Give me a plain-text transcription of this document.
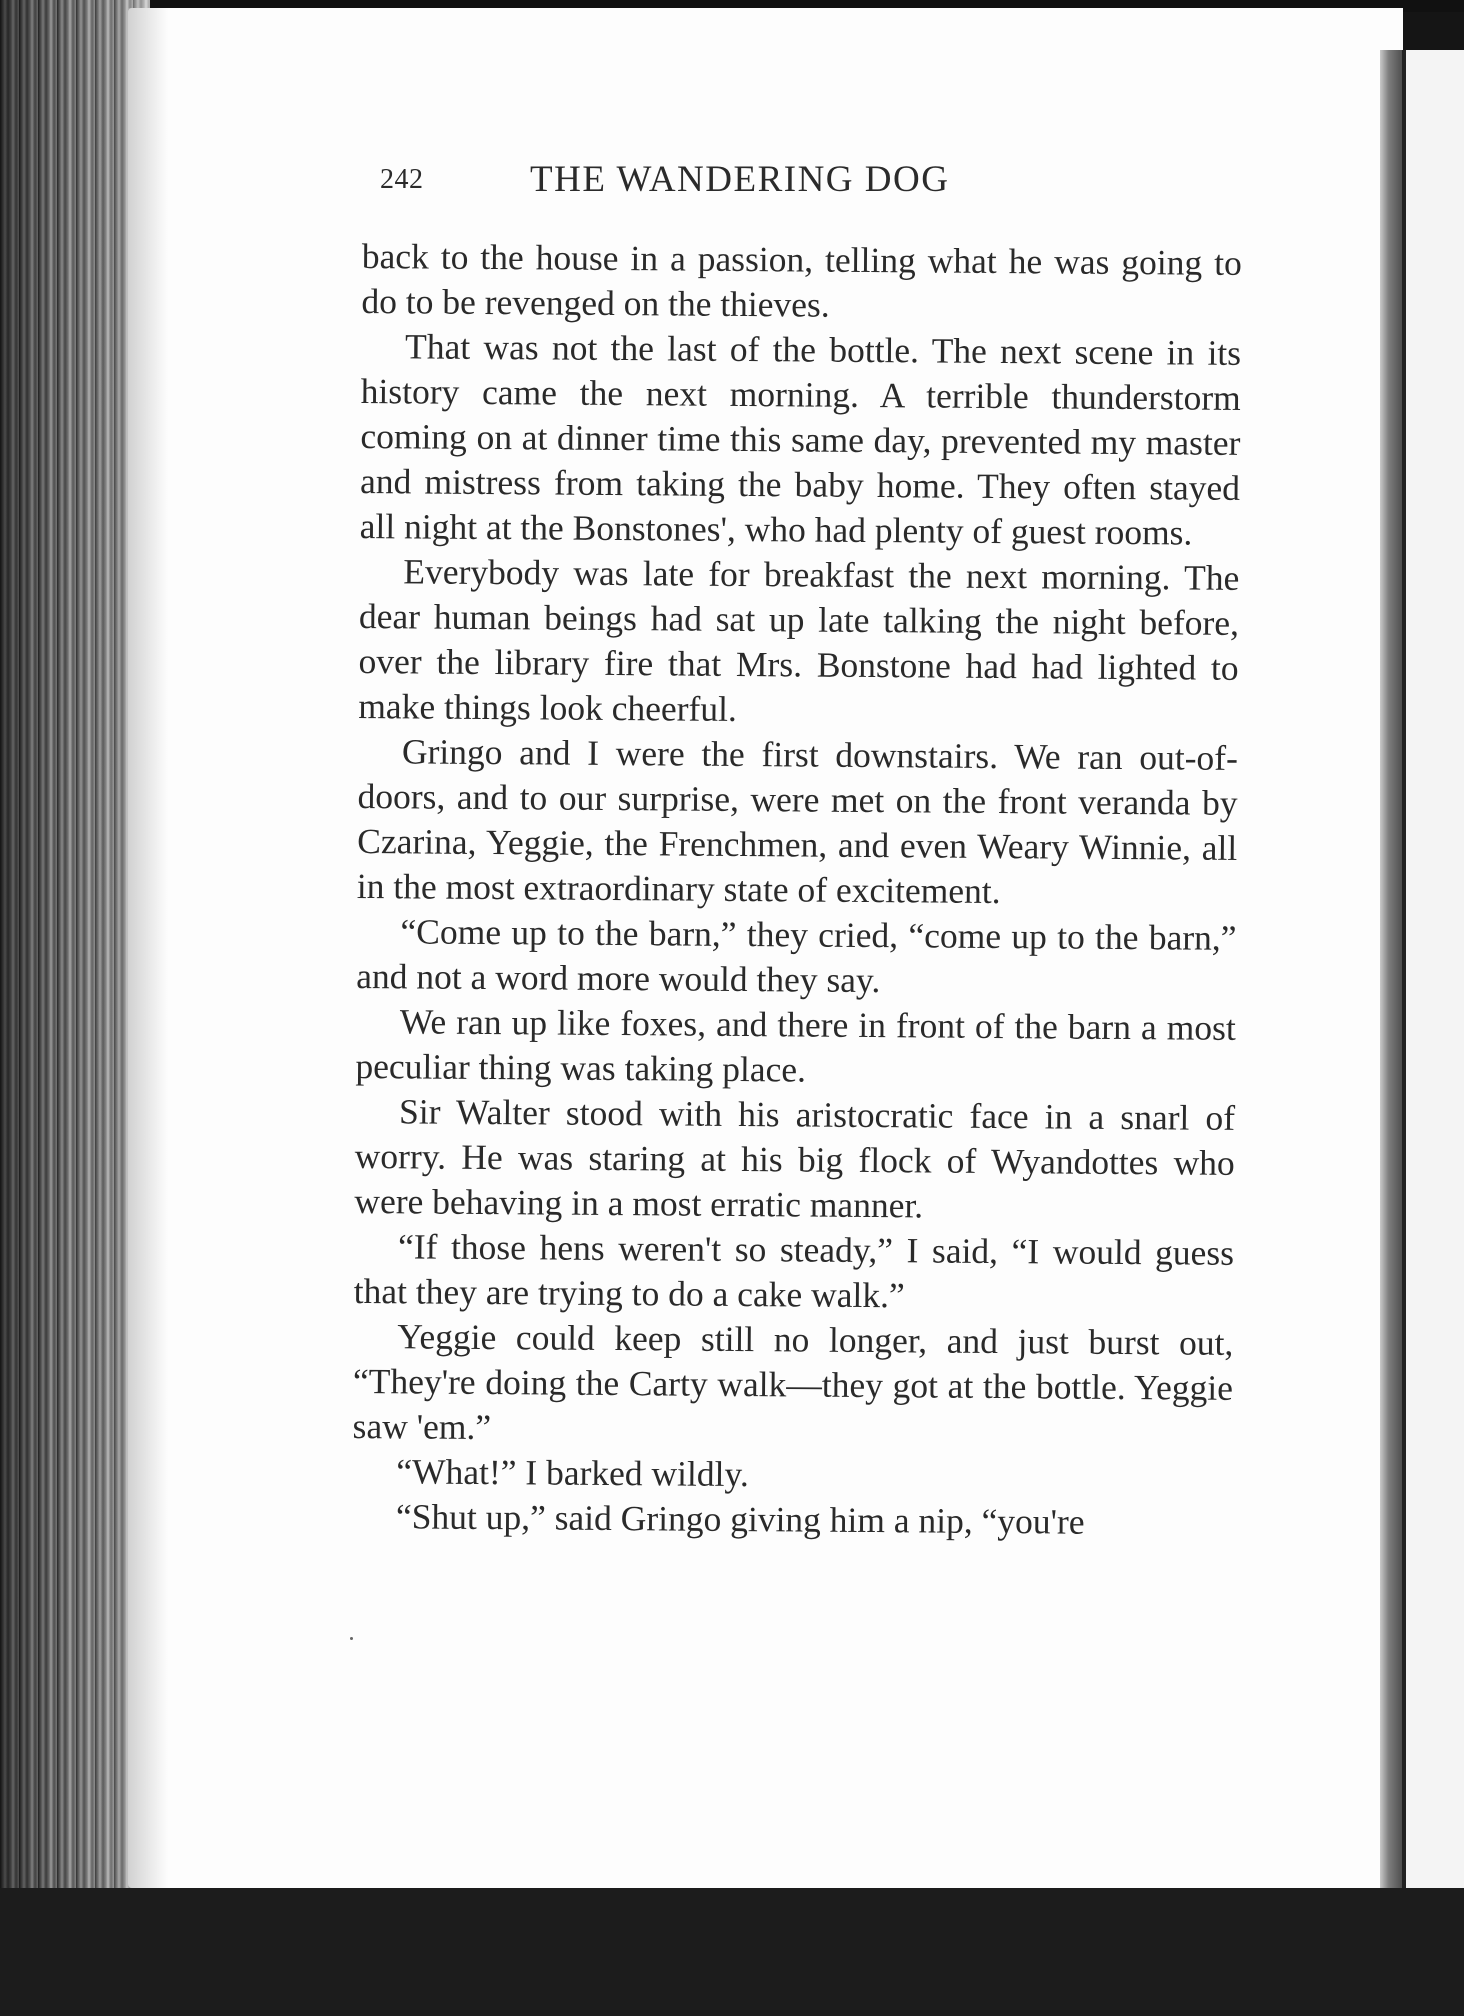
242	THE WANDERING DOG

back to the house in a passion, telling what he was going to do to be revenged on the thieves.

That was not the last of the bottle. The next scene in its history came the next morning. A terrible thunderstorm coming on at dinner time this same day, prevented my master and mistress from taking the baby home. They often stayed all night at the Bonstones', who had plenty of guest rooms.

Everybody was late for breakfast the next morning. The dear human beings had sat up late talking the night before, over the library fire that Mrs. Bonstone had had lighted to make things look cheerful.

Gringo and I were the first downstairs. We ran out-of-doors, and to our surprise, were met on the front veranda by Czarina, Yeggie, the Frenchmen, and even Weary Winnie, all in the most extraordinary state of excitement.

“Come up to the barn,” they cried, “come up to the barn,” and not a word more would they say.

We ran up like foxes, and there in front of the barn a most peculiar thing was taking place.

Sir Walter stood with his aristocratic face in a snarl of worry. He was staring at his big flock of Wyandottes who were behaving in a most erratic manner.

“If those hens weren't so steady,” I said, “I would guess that they are trying to do a cake walk.”

Yeggie could keep still no longer, and just burst out, “They're doing the Carty walk—they got at the bottle. Yeggie saw 'em.”

“What!” I barked wildly.

“Shut up,” said Gringo giving him a nip, “you're
